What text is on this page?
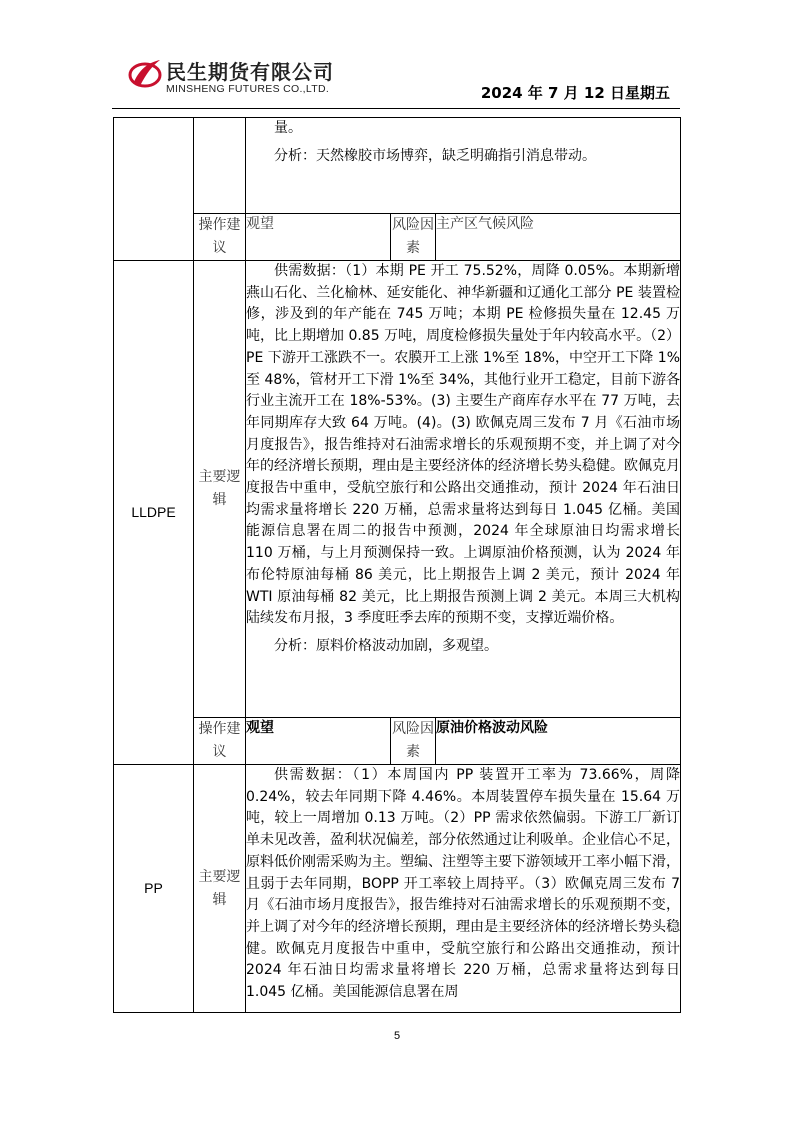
民生期货有限公司
MINSHENG FUTURES CO.,LTD.	2024 年 7 月 12 日星期五

		量。

分析：天然橡胶市场博弈，缺乏明确指引消息带动。		

	操作建议	观望	风险因素	主产区气候风险
LLDPE	主要逻辑	供需数据：（1）本期 PE 开工 75.52%，周降 0.05%。本期新增燕山石化、兰化榆林、延安能化、神华新疆和辽通化工部分 PE 装置检修，涉及到的年产能在 745 万吨；本期 PE 检修损失量在 12.45 万吨，比上期增加 0.85 万吨，周度检修损失量处于年内较高水平。（2）PE 下游开工涨跌不一。农膜开工上涨 1%至 18%，中空开工下降 1%至 48%，管材开工下滑 1%至 34%，其他行业开工稳定，目前下游各行业主流开工在 18%-53%。(3) 主要生产商库存水平在 77 万吨，去年同期库存大致 64 万吨。(4)。(3) 欧佩克周三发布 7 月《石油市场月度报告》，报告维持对石油需求增长的乐观预期不变，并上调了对今年的经济增长预期，理由是主要经济体的经济增长势头稳健。欧佩克月度报告中重申，受航空旅行和公路出交通推动，预计 2024 年石油日均需求量将增长 220 万桶，总需求量将达到每日 1.045 亿桶。美国能源信息署在周二的报告中预测，2024 年全球原油日均需求增长 110 万桶，与上月预测保持一致。上调原油价格预测，认为 2024 年布伦特原油每桶 86 美元，比上期报告上调 2 美元，预计 2024 年 WTI 原油每桶 82 美元，比上期报告预测上调 2 美元。本周三大机构陆续发布月报，3 季度旺季去库的预期不变，支撑近端价格。

分析：原料价格波动加剧，多观望。		

	操作建议	观望	风险因素	原油价格波动风险
PP	主要逻辑	供需数据：（1）本周国内 PP 装置开工率为 73.66%，周降 0.24%，较去年同期下降 4.46%。本周装置停车损失量在 15.64 万吨，较上一周增加 0.13 万吨。（2）PP 需求依然偏弱。下游工厂新订单未见改善，盈利状况偏差，部分依然通过让利吸单。企业信心不足，原料低价刚需采购为主。塑编、注塑等主要下游领域开工率小幅下滑，且弱于去年同期，BOPP 开工率较上周持平。（3）欧佩克周三发布 7 月《石油市场月度报告》，报告维持对石油需求增长的乐观预期不变，并上调了对今年的经济增长预期，理由是主要经济体的经济增长势头稳健。欧佩克月度报告中重申，受航空旅行和公路出交通推动，预计 2024 年石油日均需求量将增长 220 万桶，总需求量将达到每日 1.045 亿桶。美国能源信息署在周		

5
